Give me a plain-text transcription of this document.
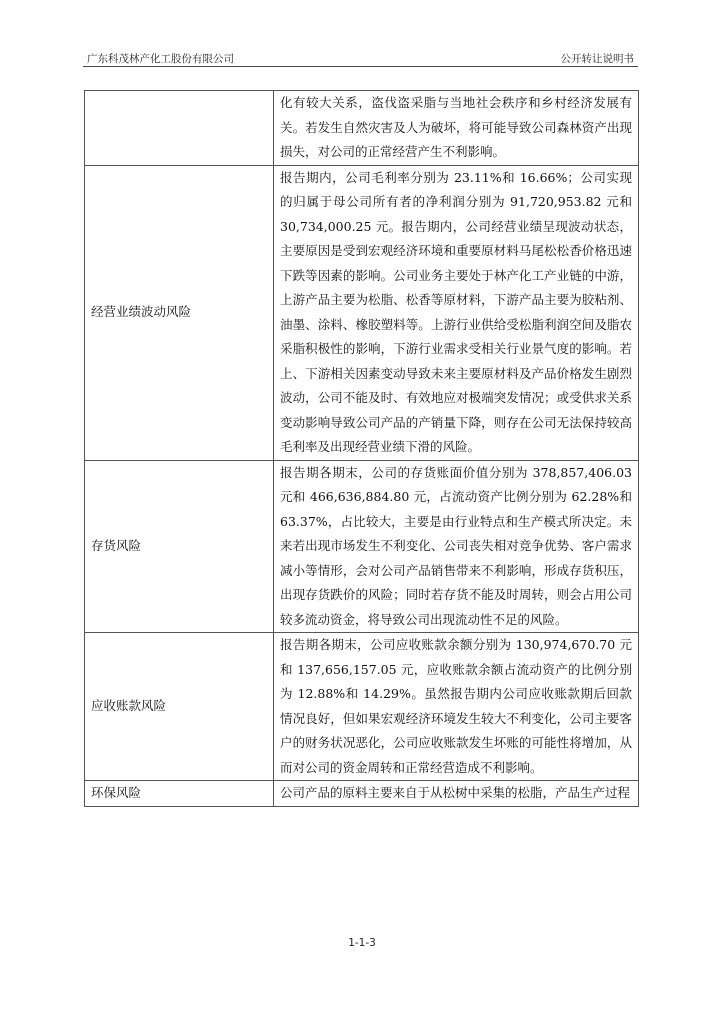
广东科茂林产化工股份有限公司	公开转让说明书

	化有较大关系，盗伐盗采脂与当地社会秩序和乡村经济发展有关。若发生自然灾害及人为破坏，将可能导致公司森林资产出现损失，对公司的正常经营产生不利影响。

经营业绩波动风险	报告期内，公司毛利率分别为 23.11%和 16.66%；公司实现的归属于母公司所有者的净利润分别为 91,720,953.82 元和 30,734,000.25 元。报告期内，公司经营业绩呈现波动状态，主要原因是受到宏观经济环境和重要原材料马尾松松香价格迅速下跌等因素的影响。公司业务主要处于林产化工产业链的中游，上游产品主要为松脂、松香等原材料，下游产品主要为胶粘剂、油墨、涂料、橡胶塑料等。上游行业供给受松脂利润空间及脂农采脂积极性的影响，下游行业需求受相关行业景气度的影响。若上、下游相关因素变动导致未来主要原材料及产品价格发生剧烈波动，公司不能及时、有效地应对极端突发情况；或受供求关系变动影响导致公司产品的产销量下降，则存在公司无法保持较高毛利率及出现经营业绩下滑的风险。

存货风险	报告期各期末，公司的存货账面价值分别为 378,857,406.03 元和 466,636,884.80 元，占流动资产比例分别为 62.28%和 63.37%，占比较大，主要是由行业特点和生产模式所决定。未来若出现市场发生不利变化、公司丧失相对竞争优势、客户需求减小等情形，会对公司产品销售带来不利影响，形成存货积压，出现存货跌价的风险；同时若存货不能及时周转，则会占用公司较多流动资金，将导致公司出现流动性不足的风险。

应收账款风险	报告期各期末，公司应收账款余额分别为 130,974,670.70 元和 137,656,157.05 元，应收账款余额占流动资产的比例分别为 12.88%和 14.29%。虽然报告期内公司应收账款期后回款情况良好，但如果宏观经济环境发生较大不利变化，公司主要客户的财务状况恶化，公司应收账款发生坏账的可能性将增加，从而对公司的资金周转和正常经营造成不利影响。

环保风险	公司产品的原料主要来自于从松树中采集的松脂，产品生产过程
1-1-3
